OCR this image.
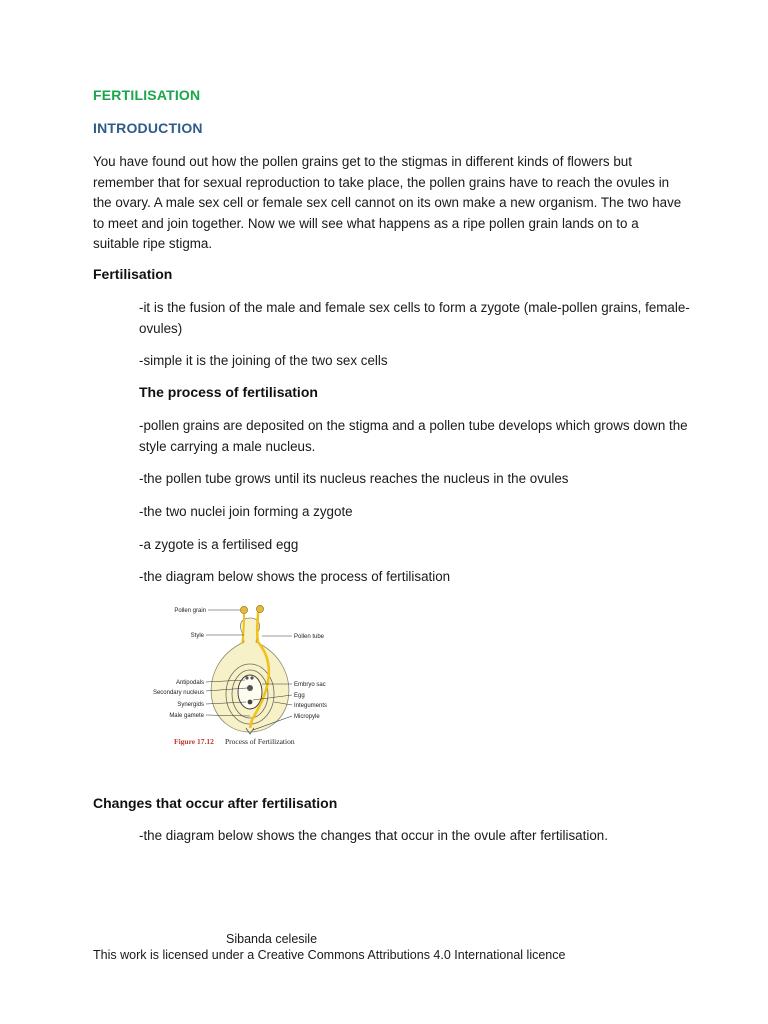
FERTILISATION
INTRODUCTION
You have found out how the pollen grains get to the stigmas in different kinds of flowers but remember that for sexual reproduction to take place, the pollen grains have to reach the ovules in the ovary. A male sex cell or female sex cell cannot on its own make a new organism. The two have to meet and join together. Now we will see what happens as a ripe pollen grain lands on to a suitable ripe stigma.
Fertilisation
-it is the fusion of the male and female sex cells to form a zygote (male-pollen grains, female-ovules)
-simple it is the joining of the two sex cells
The process of fertilisation
-pollen grains are deposited on the stigma and a pollen tube develops which grows down the style carrying a male nucleus.
-the pollen tube grows until its nucleus reaches the nucleus in the ovules
-the two nuclei join forming a zygote
-a zygote is a fertilised egg
-the diagram below shows the process of fertilisation
Pollen grain
Style
Antipodals
Secondary nucleus
Synergids
Male gamete
Pollen tube
Embryo sac
Egg
Integuments
Micropyle
Figure 17.12 Process of Fertilization
Changes that occur after fertilisation
-the diagram below shows the changes that occur in the ovule after fertilisation.
Sibanda celesile
This work is licensed under a Creative Commons Attributions 4.0 International licence
